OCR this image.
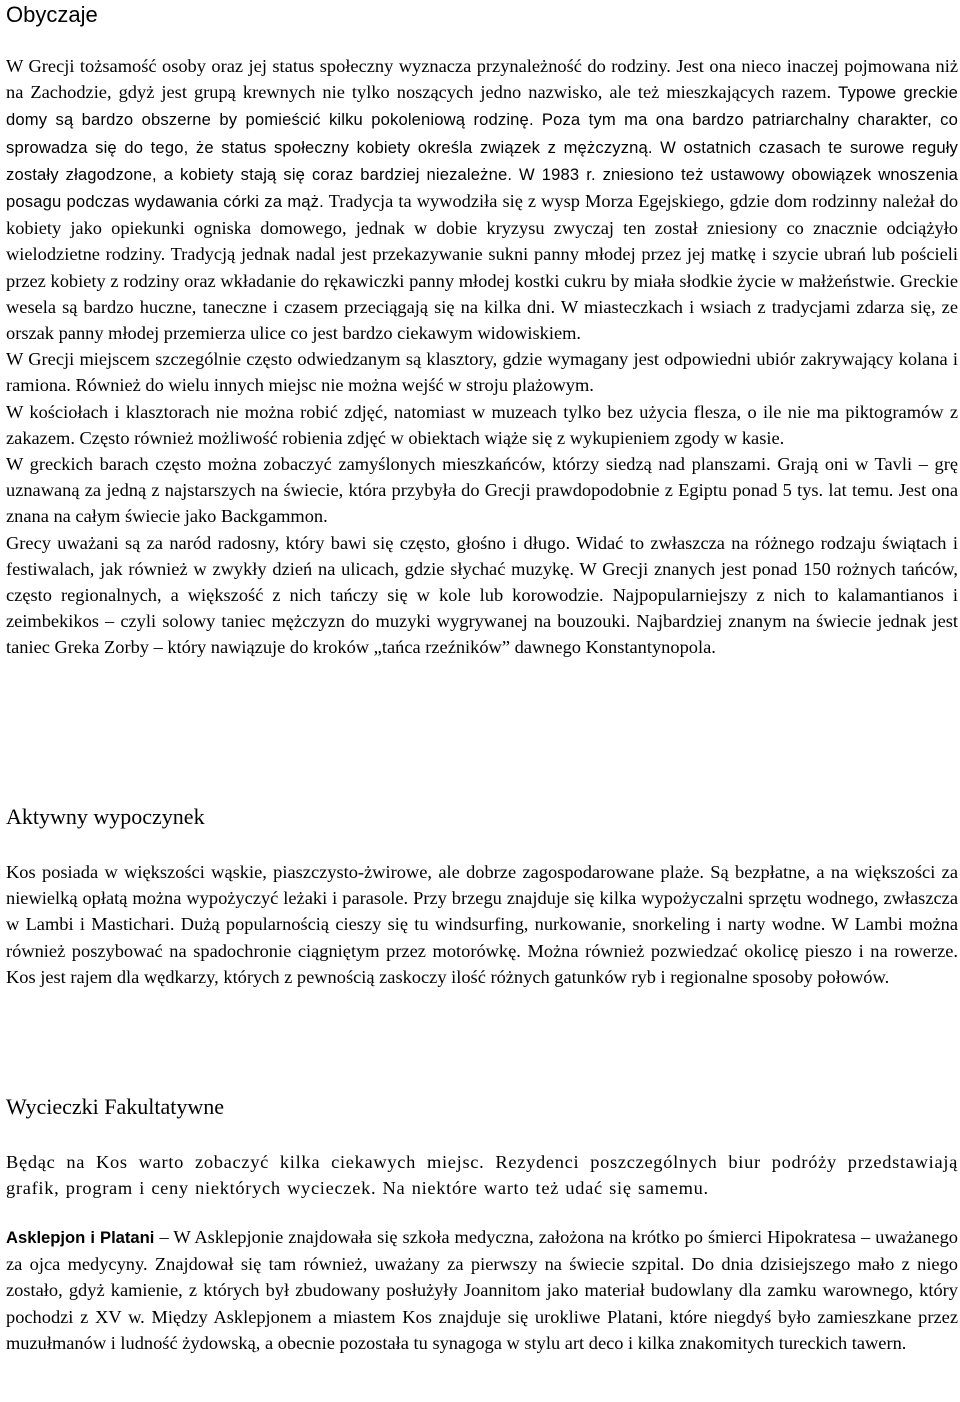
Obyczaje

W Grecji tożsamość osoby oraz jej status społeczny wyznacza przynależność do rodziny. Jest ona nieco inaczej pojmowana niż na Zachodzie, gdyż jest grupą krewnych nie tylko noszących jedno nazwisko, ale też mieszkających razem. Typowe greckie domy są bardzo obszerne by pomieścić kilku pokoleniową rodzinę. Poza tym ma ona bardzo patriarchalny charakter, co sprowadza się do tego, że status społeczny kobiety określa związek z mężczyzną. W ostatnich czasach te surowe reguły zostały złagodzone, a kobiety stają się coraz bardziej niezależne. W 1983 r. zniesiono też ustawowy obowiązek wnoszenia posagu podczas wydawania córki za mąż. Tradycja ta wywodziła się z wysp Morza Egejskiego, gdzie dom rodzinny należał do kobiety jako opiekunki ogniska domowego, jednak w dobie kryzysu zwyczaj ten został zniesiony co znacznie odciążyło wielodzietne rodziny. Tradycją jednak nadal jest przekazywanie sukni panny młodej przez jej matkę i szycie ubrań lub pościeli przez kobiety z rodziny oraz wkładanie do rękawiczki panny młodej kostki cukru by miała słodkie życie w małżeństwie. Greckie wesela są bardzo huczne, taneczne i czasem przeciągają się na kilka dni. W miasteczkach i wsiach z tradycjami zdarza się, ze orszak panny młodej przemierza ulice co jest bardzo ciekawym widowiskiem.

W Grecji miejscem szczególnie często odwiedzanym są klasztory, gdzie wymagany jest odpowiedni ubiór zakrywający kolana i ramiona. Również do wielu innych miejsc nie można wejść w stroju plażowym.

W kościołach i klasztorach nie można robić zdjęć, natomiast w muzeach tylko bez użycia flesza, o ile nie ma piktogramów z zakazem. Często również możliwość robienia zdjęć w obiektach wiąże się z wykupieniem zgody w kasie.

W greckich barach często można zobaczyć zamyślonych mieszkańców, którzy siedzą nad planszami. Grają oni w Tavli – grę uznawaną za jedną z najstarszych na świecie, która przybyła do Grecji prawdopodobnie z Egiptu ponad 5 tys. lat temu. Jest ona znana na całym świecie jako Backgammon.

Grecy uważani są za naród radosny, który bawi się często, głośno i długo. Widać to zwłaszcza na różnego rodzaju świątach i festiwalach, jak również w zwykły dzień na ulicach, gdzie słychać muzykę. W Grecji znanych jest ponad 150 rożnych tańców, często regionalnych, a większość z nich tańczy się w kole lub korowodzie. Najpopularniejszy z nich to kalamantianos i zeimbekikos – czyli solowy taniec mężczyzn do muzyki wygrywanej na bouzouki. Najbardziej znanym na świecie jednak jest taniec Greka Zorby – który nawiązuje do kroków „tańca rzeźników” dawnego Konstantynopola.

Aktywny wypoczynek

Kos posiada w większości wąskie, piaszczysto-żwirowe, ale dobrze zagospodarowane plaże. Są bezpłatne, a na większości za niewielką opłatą można wypożyczyć leżaki i parasole. Przy brzegu znajduje się kilka wypożyczalni sprzętu wodnego, zwłaszcza w Lambi i Mastichari. Dużą popularnością cieszy się tu windsurfing, nurkowanie, snorkeling i narty wodne. W Lambi można również poszybować na spadochronie ciągniętym przez motorówkę. Można również pozwiedzać okolicę pieszo i na rowerze. Kos jest rajem dla wędkarzy, których z pewnością zaskoczy ilość różnych gatunków ryb i regionalne sposoby połowów.

Wycieczki Fakultatywne

Będąc na Kos warto zobaczyć kilka ciekawych miejsc. Rezydenci poszczególnych biur podróży przedstawiają grafik, program i ceny niektórych wycieczek. Na niektóre warto też udać się samemu.

Asklepjon i Platani – W Asklepjonie znajdowała się szkoła medyczna, założona na krótko po śmierci Hipokratesa – uważanego za ojca medycyny. Znajdował się tam również, uważany za pierwszy na świecie szpital. Do dnia dzisiejszego mało z niego zostało, gdyż kamienie, z których był zbudowany posłużyły Joannitom jako materiał budowlany dla zamku warownego, który pochodzi z XV w. Między Asklepjonem a miastem Kos znajduje się urokliwe Platani, które niegdyś było zamieszkane przez muzułmanów i ludność żydowską, a obecnie pozostała tu synagoga w stylu art deco i kilka znakomitych tureckich tawern.
